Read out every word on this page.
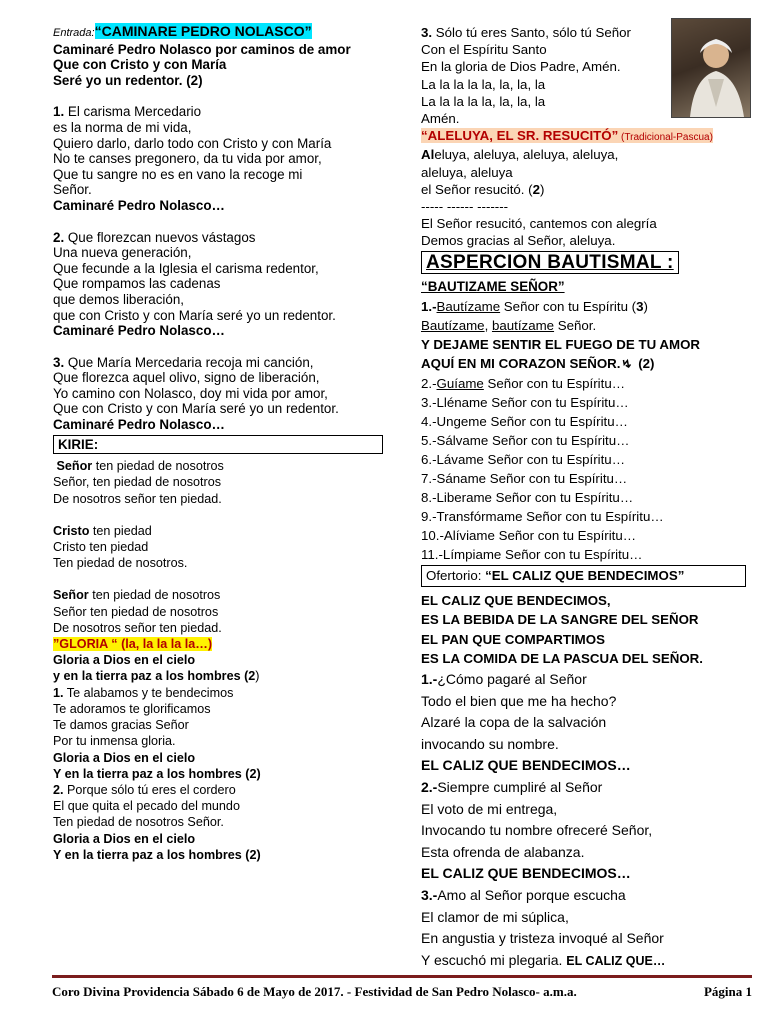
Entrada:“CAMINARE PEDRO NOLASCO”
Caminaré Pedro Nolasco por caminos de amor
Que con Cristo y con María
Seré yo un redentor. (2)
1. El carisma Mercedario
es la norma de mi vida,
Quiero darlo, darlo todo con Cristo y con María
No te canses pregonero, da tu vida por amor,
Que tu sangre no es en vano la recoge mi
Señor.
Caminaré Pedro Nolasco…
2. Que florezcan nuevos vástagos
Una nueva generación,
Que fecunde a la Iglesia el carisma redentor,
Que rompamos las cadenas
que demos liberación,
que con Cristo y con María seré yo un redentor.
Caminaré Pedro Nolasco…
3. Que María Mercedaria recoja mi canción,
Que florezca aquel olivo, signo de liberación,
Yo camino con Nolasco, doy mi vida por amor,
Que con Cristo y con María seré yo un redentor.
Caminaré Pedro Nolasco…
KIRIE:
Señor ten piedad de nosotros
Señor, ten piedad de nosotros
De nosotros señor ten piedad.
Cristo ten piedad
Cristo ten piedad
Ten piedad de nosotros.
Señor ten piedad de nosotros
Señor ten piedad de nosotros
De nosotros señor ten piedad.
”GLORIA “ (la, la la la la…)
Gloria a Dios en el cielo
y en la tierra paz a los hombres (2)
1. Te alabamos y te bendecimos
Te adoramos te glorificamos
Te damos gracias Señor
Por tu inmensa gloria.
Gloria a Dios en el cielo
Y en la tierra paz a los hombres (2)
2. Porque sólo tú eres el cordero
El que quita el pecado del mundo
Ten piedad de nosotros Señor.
Gloria a Dios en el cielo
Y en la tierra paz a los hombres (2)
3. Sólo tú eres Santo, sólo tú Señor
Con el Espíritu Santo
En la gloria de Dios Padre, Amén.
La la la la la, la, la, la
La la la la la, la, la, la
Amén.
“ALELUYA, EL SR. RESUCITÓ” (Tradicional-Pascua)
Aleluya, aleluya, aleluya, aleluya,
aleluya, aleluya
el Señor resucitó. (2)
----- ------ -------
El Señor resucitó, cantemos con alegría
Demos gracias al Señor, aleluya.
ASPERCION BAUTISMAL :
“BAUTIZAME SEÑOR”
1.-Bautízame Señor con tu Espíritu (3)
Bautízame, bautízame Señor.
Y DEJAME SENTIR EL FUEGO DE TU AMOR
AQUÍ EN MI CORAZON SEÑOR.↯ (2)
2.-Guíame Señor con tu Espíritu…
3.-Lléname Señor con tu Espíritu…
4.-Ungeme Señor con tu Espíritu…
5.-Sálvame Señor con tu Espíritu…
6.-Lávame Señor con tu Espíritu…
7.-Sáname Señor con tu Espíritu…
8.-Liberame Señor con tu Espíritu…
9.-Transfórmame Señor con tu Espíritu…
10.-Alíviame Señor con tu Espíritu…
11.-Límpiame Señor con tu Espíritu…
Ofertorio: “EL CALIZ QUE BENDECIMOS”
EL CALIZ QUE BENDECIMOS,
ES LA BEBIDA DE LA SANGRE DEL SEÑOR
EL PAN QUE COMPARTIMOS
ES LA COMIDA DE LA PASCUA DEL SEÑOR.
1.-¿Cómo pagaré al Señor
Todo el bien que me ha hecho?
Alzaré la copa de la salvación
invocando su nombre.
EL CALIZ QUE BENDECIMOS…
2.-Siempre cumpliré al Señor
El voto de mi entrega,
Invocando tu nombre ofreceré Señor,
Esta ofrenda de alabanza.
EL CALIZ QUE BENDECIMOS…
3.-Amo al Señor porque escucha
El clamor de mi súplica,
En angustia y tristeza invoqué al Señor
Y escuchó mi plegaria. EL CALIZ QUE…
Coro Divina Providencia Sábado 6 de Mayo de 2017. - Festividad de San Pedro Nolasco- a.m.a.	Página 1
